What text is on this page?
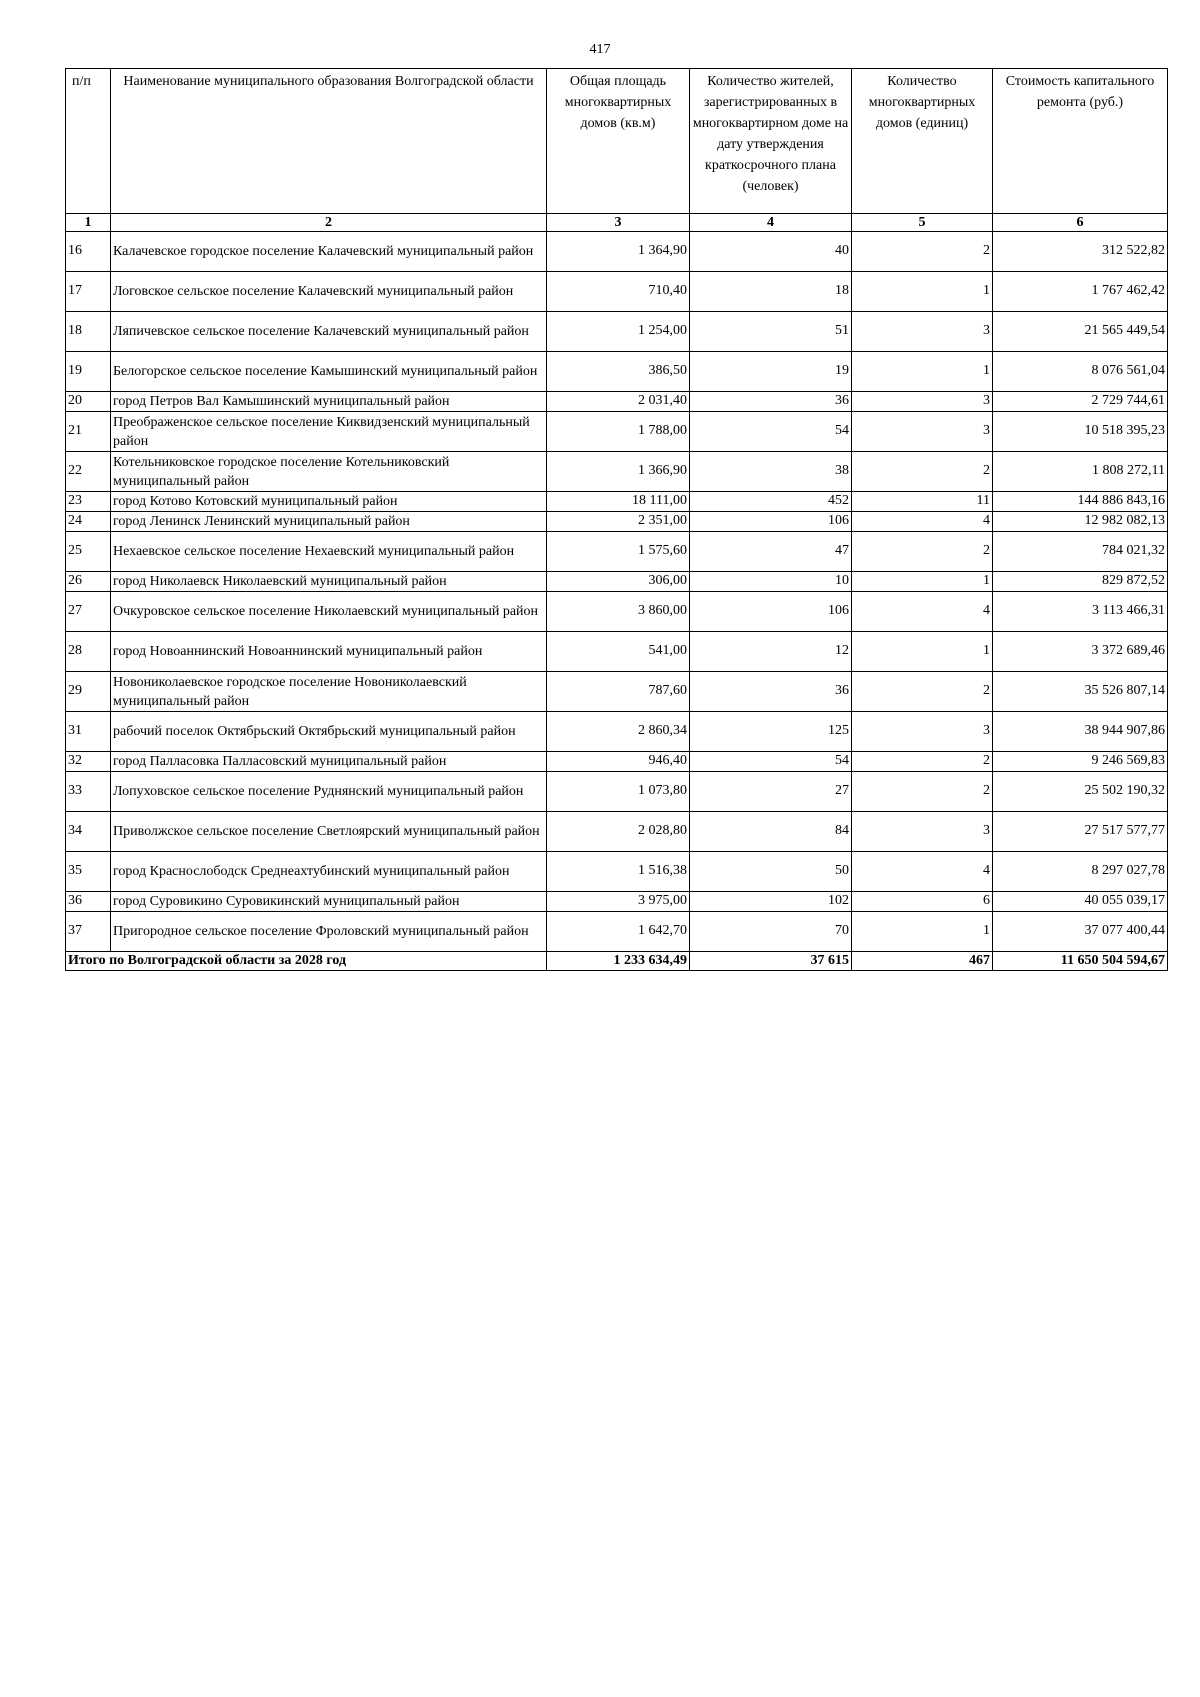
417
п/п	Наименование муниципального образования Волгоградской области	Общая площадь многоквартирных домов (кв.м)	Количество жителей, зарегистрированных в многоквартирном доме на дату утверждения краткосрочного плана (человек)	Количество многоквартирных домов (единиц)	Стоимость капитального ремонта (руб.)
1	2	3	4	5	6
16	Калачевское городское поселение Калачевский муниципальный район	1 364,90	40	2	312 522,82
17	Логовское сельское поселение Калачевский муниципальный район	710,40	18	1	1 767 462,42
18	Ляпичевское сельское поселение Калачевский муниципальный район	1 254,00	51	3	21 565 449,54
19	Белогорское сельское поселение Камышинский муниципальный район	386,50	19	1	8 076 561,04
20	город Петров Вал Камышинский муниципальный район	2 031,40	36	3	2 729 744,61
21	Преображенское сельское поселение Киквидзенский муниципальный район	1 788,00	54	3	10 518 395,23
22	Котельниковское городское поселение Котельниковский муниципальный район	1 366,90	38	2	1 808 272,11
23	город Котово Котовский муниципальный район	18 111,00	452	11	144 886 843,16
24	город Ленинск Ленинский муниципальный район	2 351,00	106	4	12 982 082,13
25	Нехаевское сельское поселение Нехаевский муниципальный район	1 575,60	47	2	784 021,32
26	город Николаевск Николаевский муниципальный район	306,00	10	1	829 872,52
27	Очкуровское сельское поселение Николаевский муниципальный район	3 860,00	106	4	3 113 466,31
28	город Новоаннинский Новоаннинский муниципальный район	541,00	12	1	3 372 689,46
29	Новониколаевское городское поселение Новониколаевский муниципальный район	787,60	36	2	35 526 807,14
31	рабочий поселок Октябрьский Октябрьский муниципальный район	2 860,34	125	3	38 944 907,86
32	город Палласовка Палласовский муниципальный район	946,40	54	2	9 246 569,83
33	Лопуховское сельское поселение Руднянский муниципальный район	1 073,80	27	2	25 502 190,32
34	Приволжское сельское поселение Светлоярский муниципальный район	2 028,80	84	3	27 517 577,77
35	город Краснослободск Среднеахтубинский муниципальный район	1 516,38	50	4	8 297 027,78
36	город Суровикино Суровикинский муниципальный район	3 975,00	102	6	40 055 039,17
37	Пригородное сельское поселение Фроловский муниципальный район	1 642,70	70	1	37 077 400,44
Итого по Волгоградской области за 2028 год		1 233 634,49	37 615	467	11 650 504 594,67
